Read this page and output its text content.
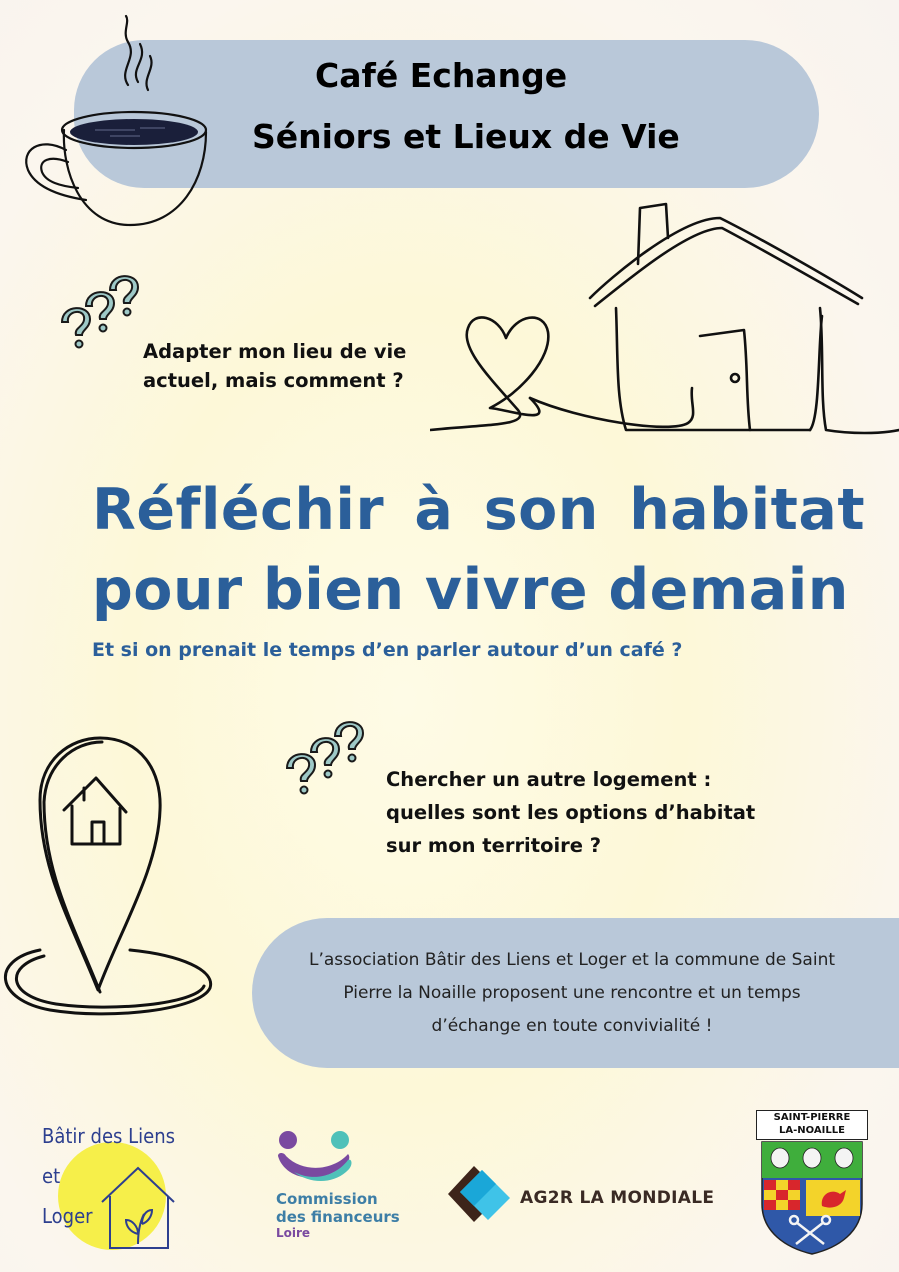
Café Echange
Séniors et Lieux de Vie
Adapter mon lieu de vie
actuel, mais comment ?
Réfléchir à son habitat
pour bien vivre demain
Et si on prenait le temps d’en parler autour d’un café ?
Chercher un autre logement :
quelles sont les options d’habitat
sur mon territoire ?
L’association Bâtir des Liens et Loger et la commune de Saint
Pierre la Noaille proposent une rencontre et un temps
d’échange en toute convivialité !
Bâtir des Liens
et
Loger
Commission
des financeurs
Loire
AG2R LA MONDIALE
SAINT-PIERRE
LA-NOAILLE
